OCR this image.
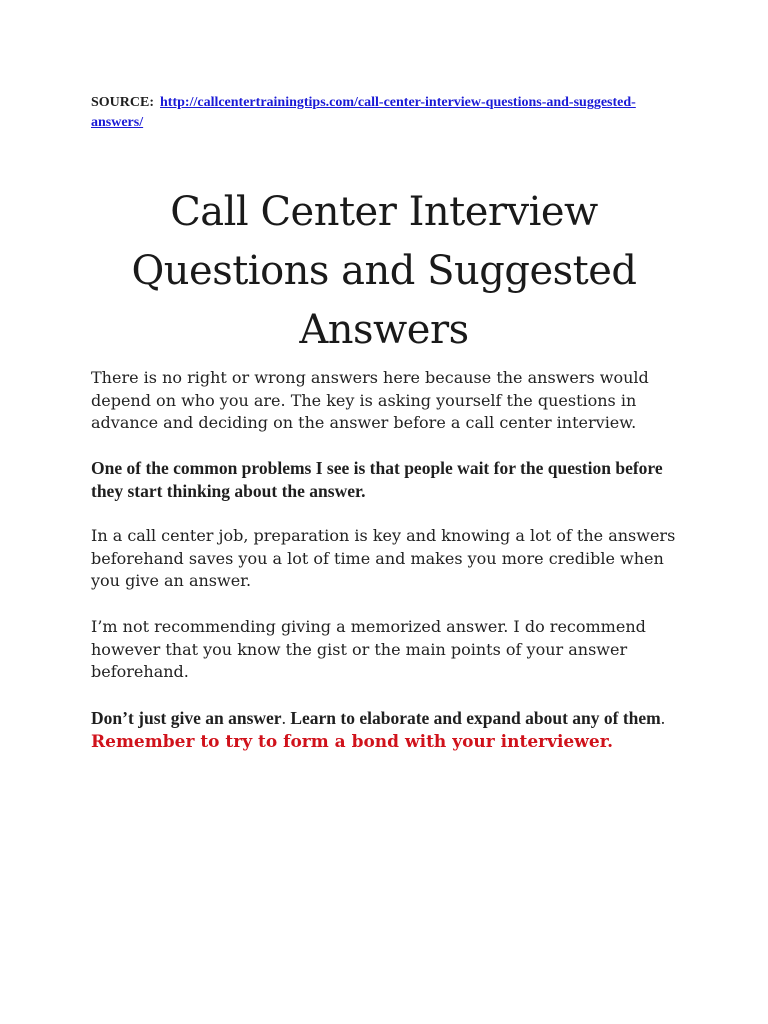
SOURCE: http://callcentertrainingtips.com/call-center-interview-questions-and-suggested-answers/
Call Center Interview
Questions and Suggested
Answers
There is no right or wrong answers here because the answers would depend on who you are. The key is asking yourself the questions in advance and deciding on the answer before a call center interview.
One of the common problems I see is that people wait for the question before they start thinking about the answer.
In a call center job, preparation is key and knowing a lot of the answers beforehand saves you a lot of time and makes you more credible when you give an answer.
I’m not recommending giving a memorized answer. I do recommend however that you know the gist or the main points of your answer beforehand.
Don’t just give an answer. Learn to elaborate and expand about any of them. Remember to try to form a bond with your interviewer.
